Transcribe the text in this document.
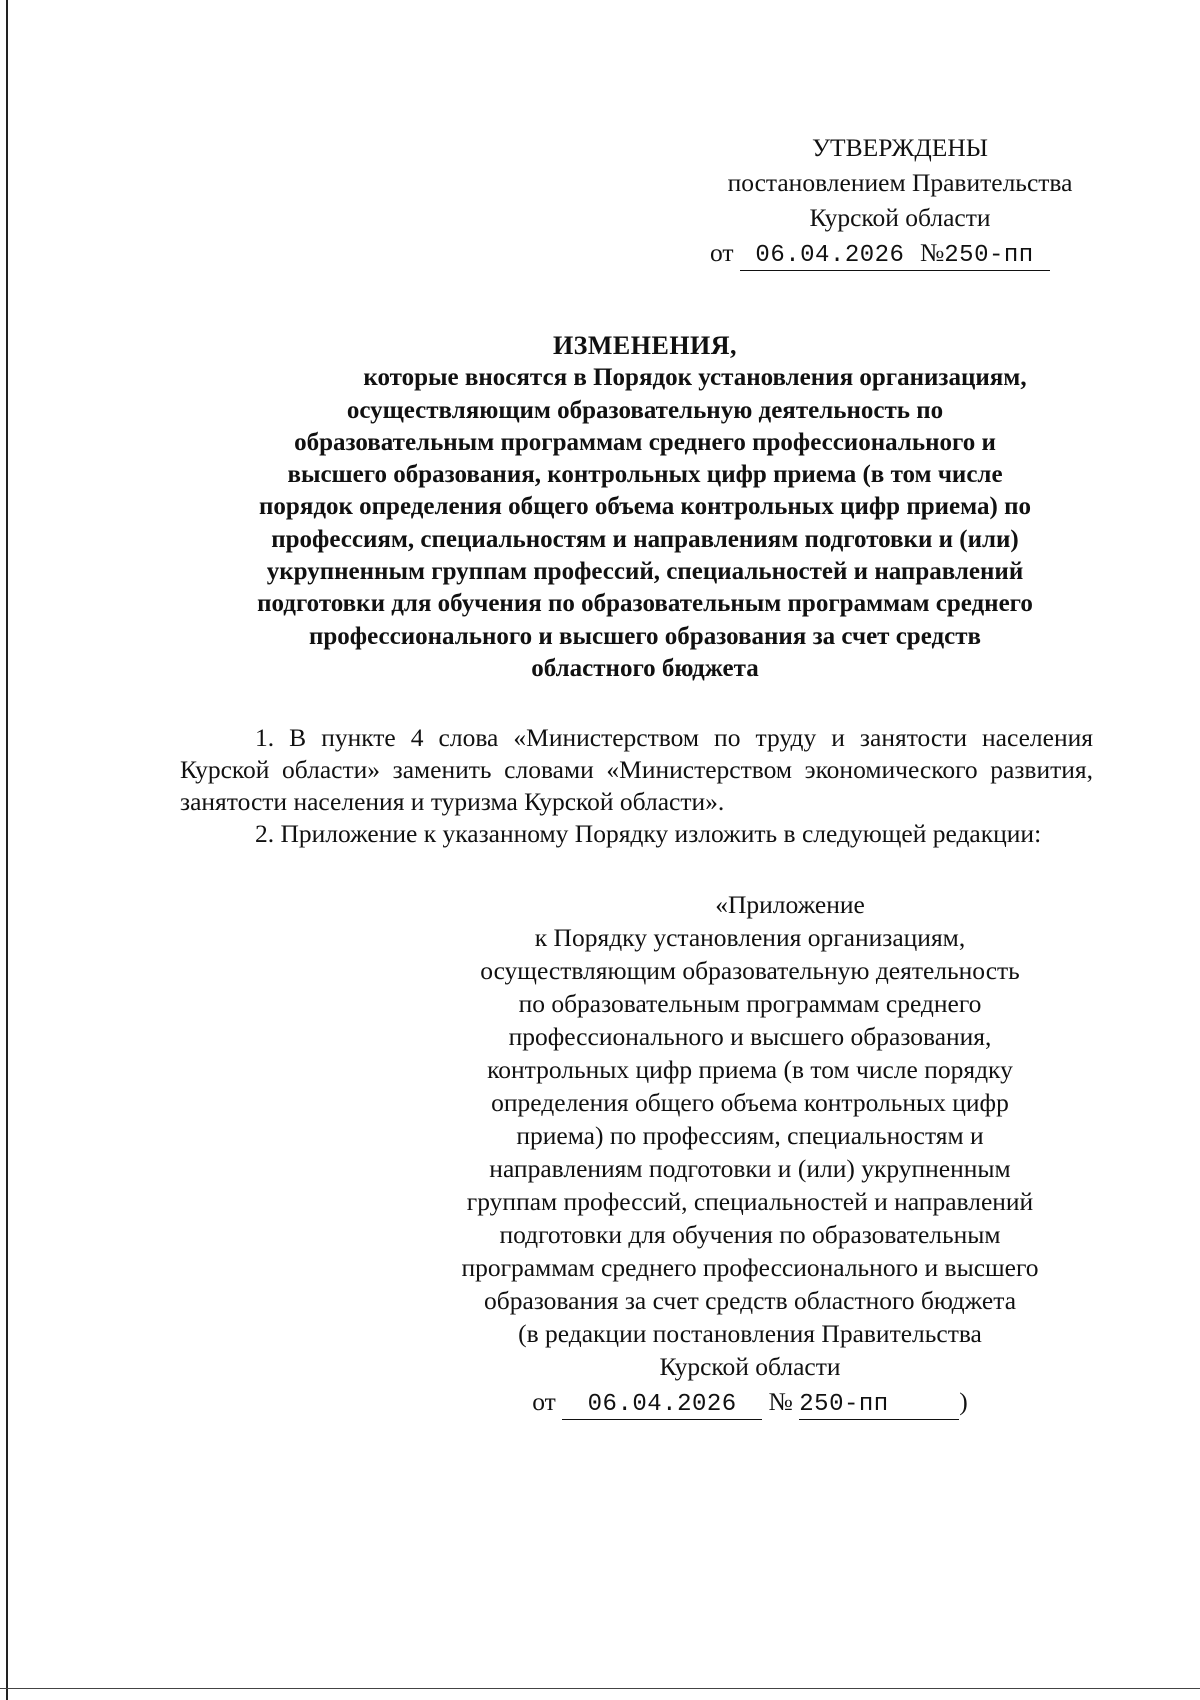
УТВЕРЖДЕНЫ
постановлением Правительства
Курской области
от 06.04.2026 №250-пп
ИЗМЕНЕНИЯ,
которые вносятся в Порядок установления организациям,
осуществляющим образовательную деятельность по
образовательным программам среднего профессионального и
высшего образования, контрольных цифр приема (в том числе
порядок определения общего объема контрольных цифр приема) по
профессиям, специальностям и направлениям подготовки и (или)
укрупненным группам профессий, специальностей и направлений
подготовки для обучения по образовательным программам среднего
профессионального и высшего образования за счет средств
областного бюджета

1. В пункте 4 слова «Министерством по труду и занятости населения Курской области» заменить словами «Министерством экономического развития, занятости населения и туризма Курской области».

2. Приложение к указанному Порядку изложить в следующей редакции:

«Приложение
к Порядку установления организациям,
осуществляющим образовательную деятельность
по образовательным программам среднего
профессионального и высшего образования,
контрольных цифр приема (в том числе порядку
определения общего объема контрольных цифр
приема) по профессиям, специальностям и
направлениям подготовки и (или) укрупненным
группам профессий, специальностей и направлений
подготовки для обучения по образовательным
программам среднего профессионального и высшего
образования за счет средств областного бюджета
(в редакции постановления Правительства
Курской области
от 06.04.2026 № 250-пп	)
